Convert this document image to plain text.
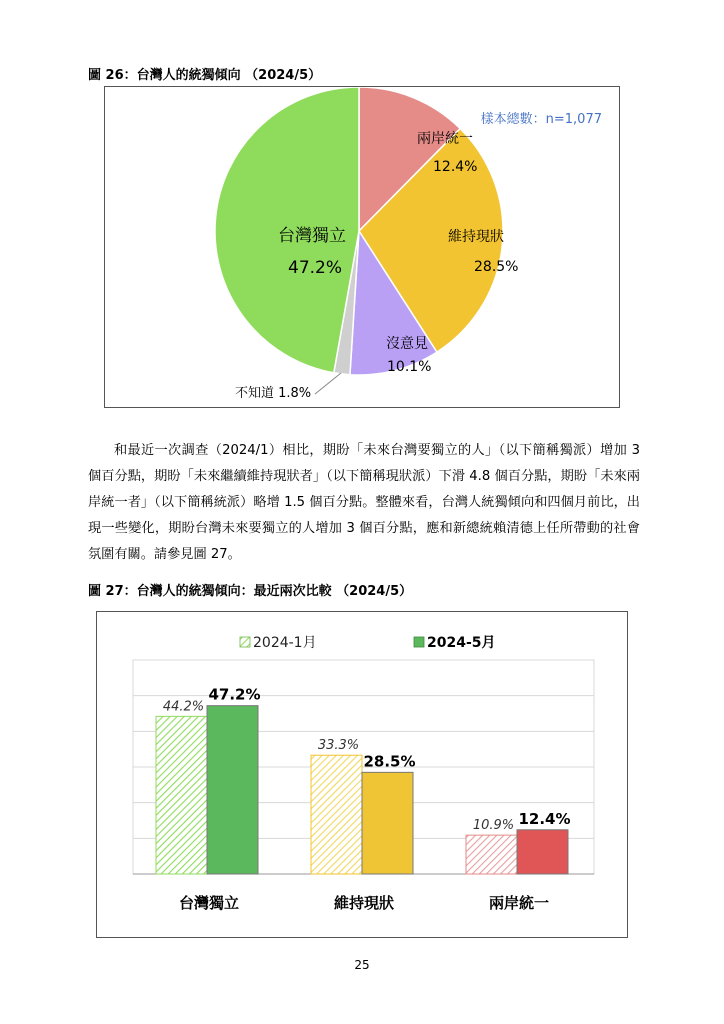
圖 26：台灣人的統獨傾向 （2024/5）
樣本總數：n=1,077
兩岸統一
12.4%
維持現狀
28.5%
沒意見
10.1%
台灣獨立
47.2%
不知道 1.8%

和最近一次調查（2024/1）相比，期盼「未來台灣要獨立的人」（以下簡稱獨派）增加 3 個百分點，期盼「未來繼續維持現狀者」（以下簡稱現狀派）下滑 4.8 個百分點，期盼「未來兩岸統一者」（以下簡稱統派）略增 1.5 個百分點。整體來看，台灣人統獨傾向和四個月前比，出現一些變化，期盼台灣未來要獨立的人增加 3 個百分點，應和新總統賴清德上任所帶動的社會氛圍有關。請參見圖 27。

圖 27：台灣人的統獨傾向：最近兩次比較 （2024/5）
2024-1月	2024-5月
44.2%
47.2%
台灣獨立
33.3%
28.5%
維持現狀
10.9% 12.4%
兩岸統一
25
